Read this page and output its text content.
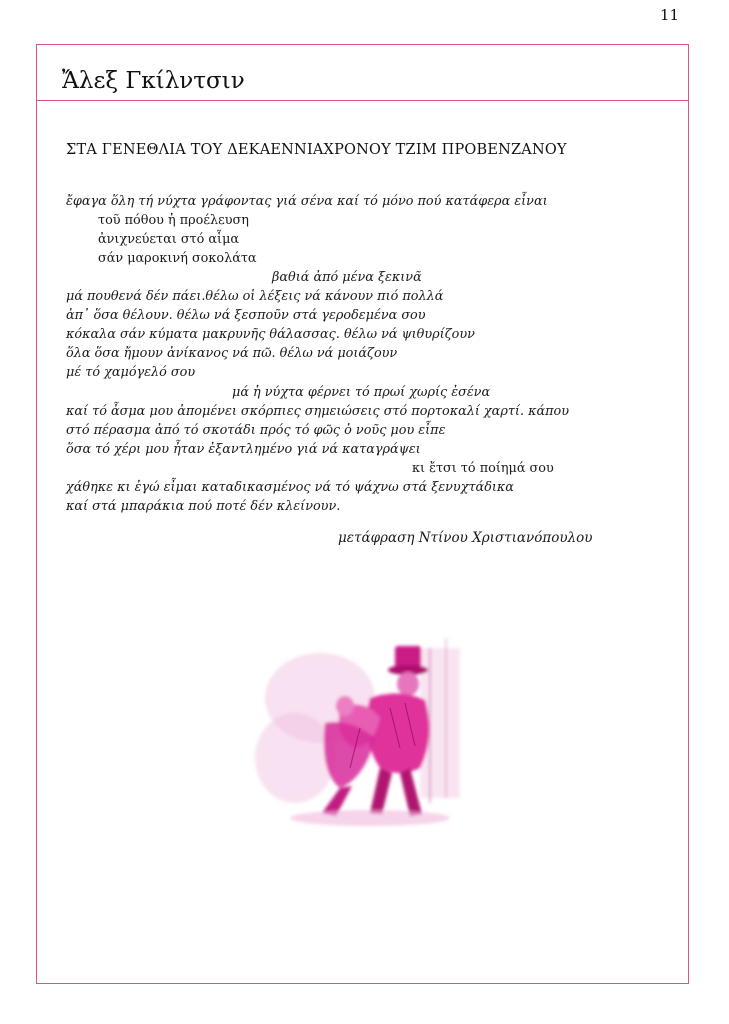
11
Ἄλεξ Γκίλντσιν
ΣΤΑ ΓΕΝΕΘΛΙΑ ΤΟΥ ΔΕΚΑΕΝΝΙΑΧΡΟΝΟΥ ΤΖΙΜ ΠΡΟΒΕΝΖΑΝΟΥ
ἔφαγα ὅλη τή νύχτα γράφοντας γιά σένα καί τό μόνο πού κατάφερα εἶναι
τοῦ πόθου ἡ προέλευση
ἀνιχνεύεται στό αἷμα
σάν μαροκινή σοκολάτα
βαθιά ἀπό μένα ξεκινᾶ
μά πουθενά δέν πάει.θέλω οἱ λέξεις νά κάνουν πιό πολλά
ἀπ᾽ ὅσα θέλουν. θέλω νά ξεσποῦν στά γεροδεμένα σου
κόκαλα σάν κύματα μακρυνῆς θάλασσας. θέλω νά ψιθυρίζουν
ὅλα ὅσα ἤμουν ἀνίκανος νά πῶ. θέλω νά μοιάζουν
μέ τό χαμόγελό σου
μά ἡ νύχτα φέρνει τό πρωί χωρίς ἐσένα
καί τό ἆσμα μου ἀπομένει σκόρπιες σημειώσεις στό πορτοκαλί χαρτί. κάπου
στό πέρασμα ἀπό τό σκοτάδι πρός τό φῶς ὁ νοῦς μου εἶπε
ὅσα τό χέρι μου ἦταν ἐξαντλημένο γιά νά καταγράψει
κι ἔτσι τό ποίημά σου
χάθηκε κι ἐγώ εἶμαι καταδικασμένος νά τό ψάχνω στά ξενυχτάδικα
καί στά μπαράκια πού ποτέ δέν κλείνουν.
μετάφραση Ντίνου Χριστιανόπουλου
